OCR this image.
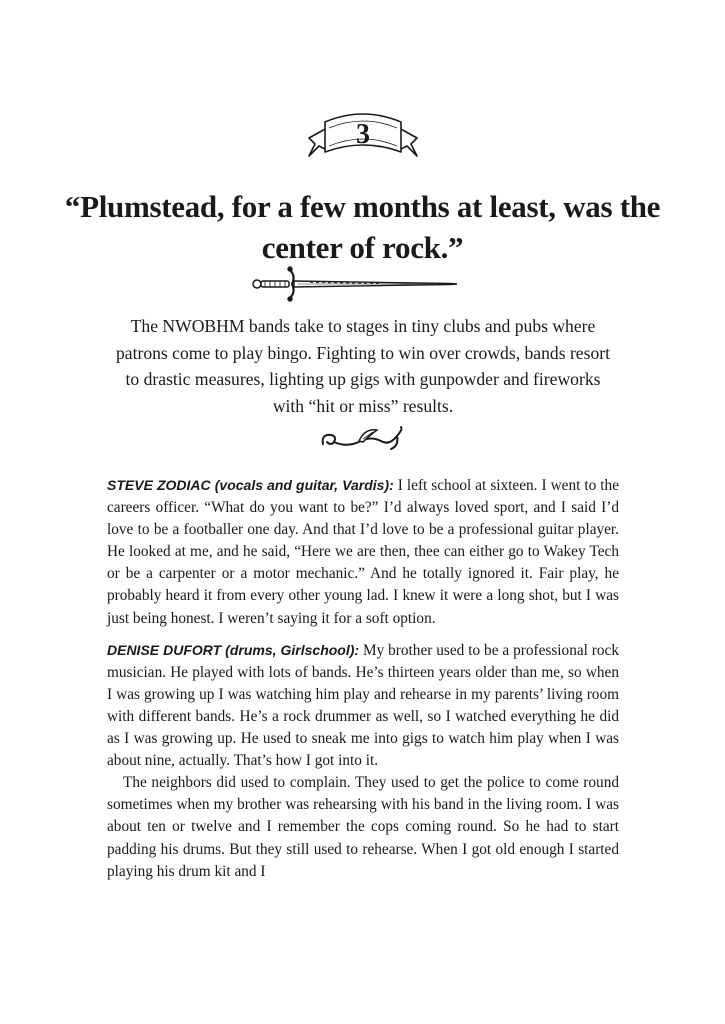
3
“Plumstead, for a few months at least, was the center of rock.”

The NWOBHM bands take to stages in tiny clubs and pubs where patrons come to play bingo. Fighting to win over crowds, bands resort to drastic measures, lighting up gigs with gunpowder and fireworks with “hit or miss” results.

STEVE ZODIAC (vocals and guitar, Vardis): I left school at sixteen. I went to the careers officer. “What do you want to be?” I’d always loved sport, and I said I’d love to be a footballer one day. And that I’d love to be a professional guitar player. He looked at me, and he said, “Here we are then, thee can either go to Wakey Tech or be a carpenter or a motor mechanic.” And he totally ignored it. Fair play, he probably heard it from every other young lad. I knew it were a long shot, but I was just being honest. I weren’t saying it for a soft option.

DENISE DUFORT (drums, Girlschool): My brother used to be a professional rock musician. He played with lots of bands. He’s thirteen years older than me, so when I was growing up I was watching him play and rehearse in my parents’ living room with different bands. He’s a rock drummer as well, so I watched everything he did as I was growing up. He used to sneak me into gigs to watch him play when I was about nine, actually. That’s how I got into it.

The neighbors did used to complain. They used to get the police to come round sometimes when my brother was rehearsing with his band in the living room. I was about ten or twelve and I remember the cops coming round. So he had to start padding his drums. But they still used to rehearse. When I got old enough I started playing his drum kit and I
